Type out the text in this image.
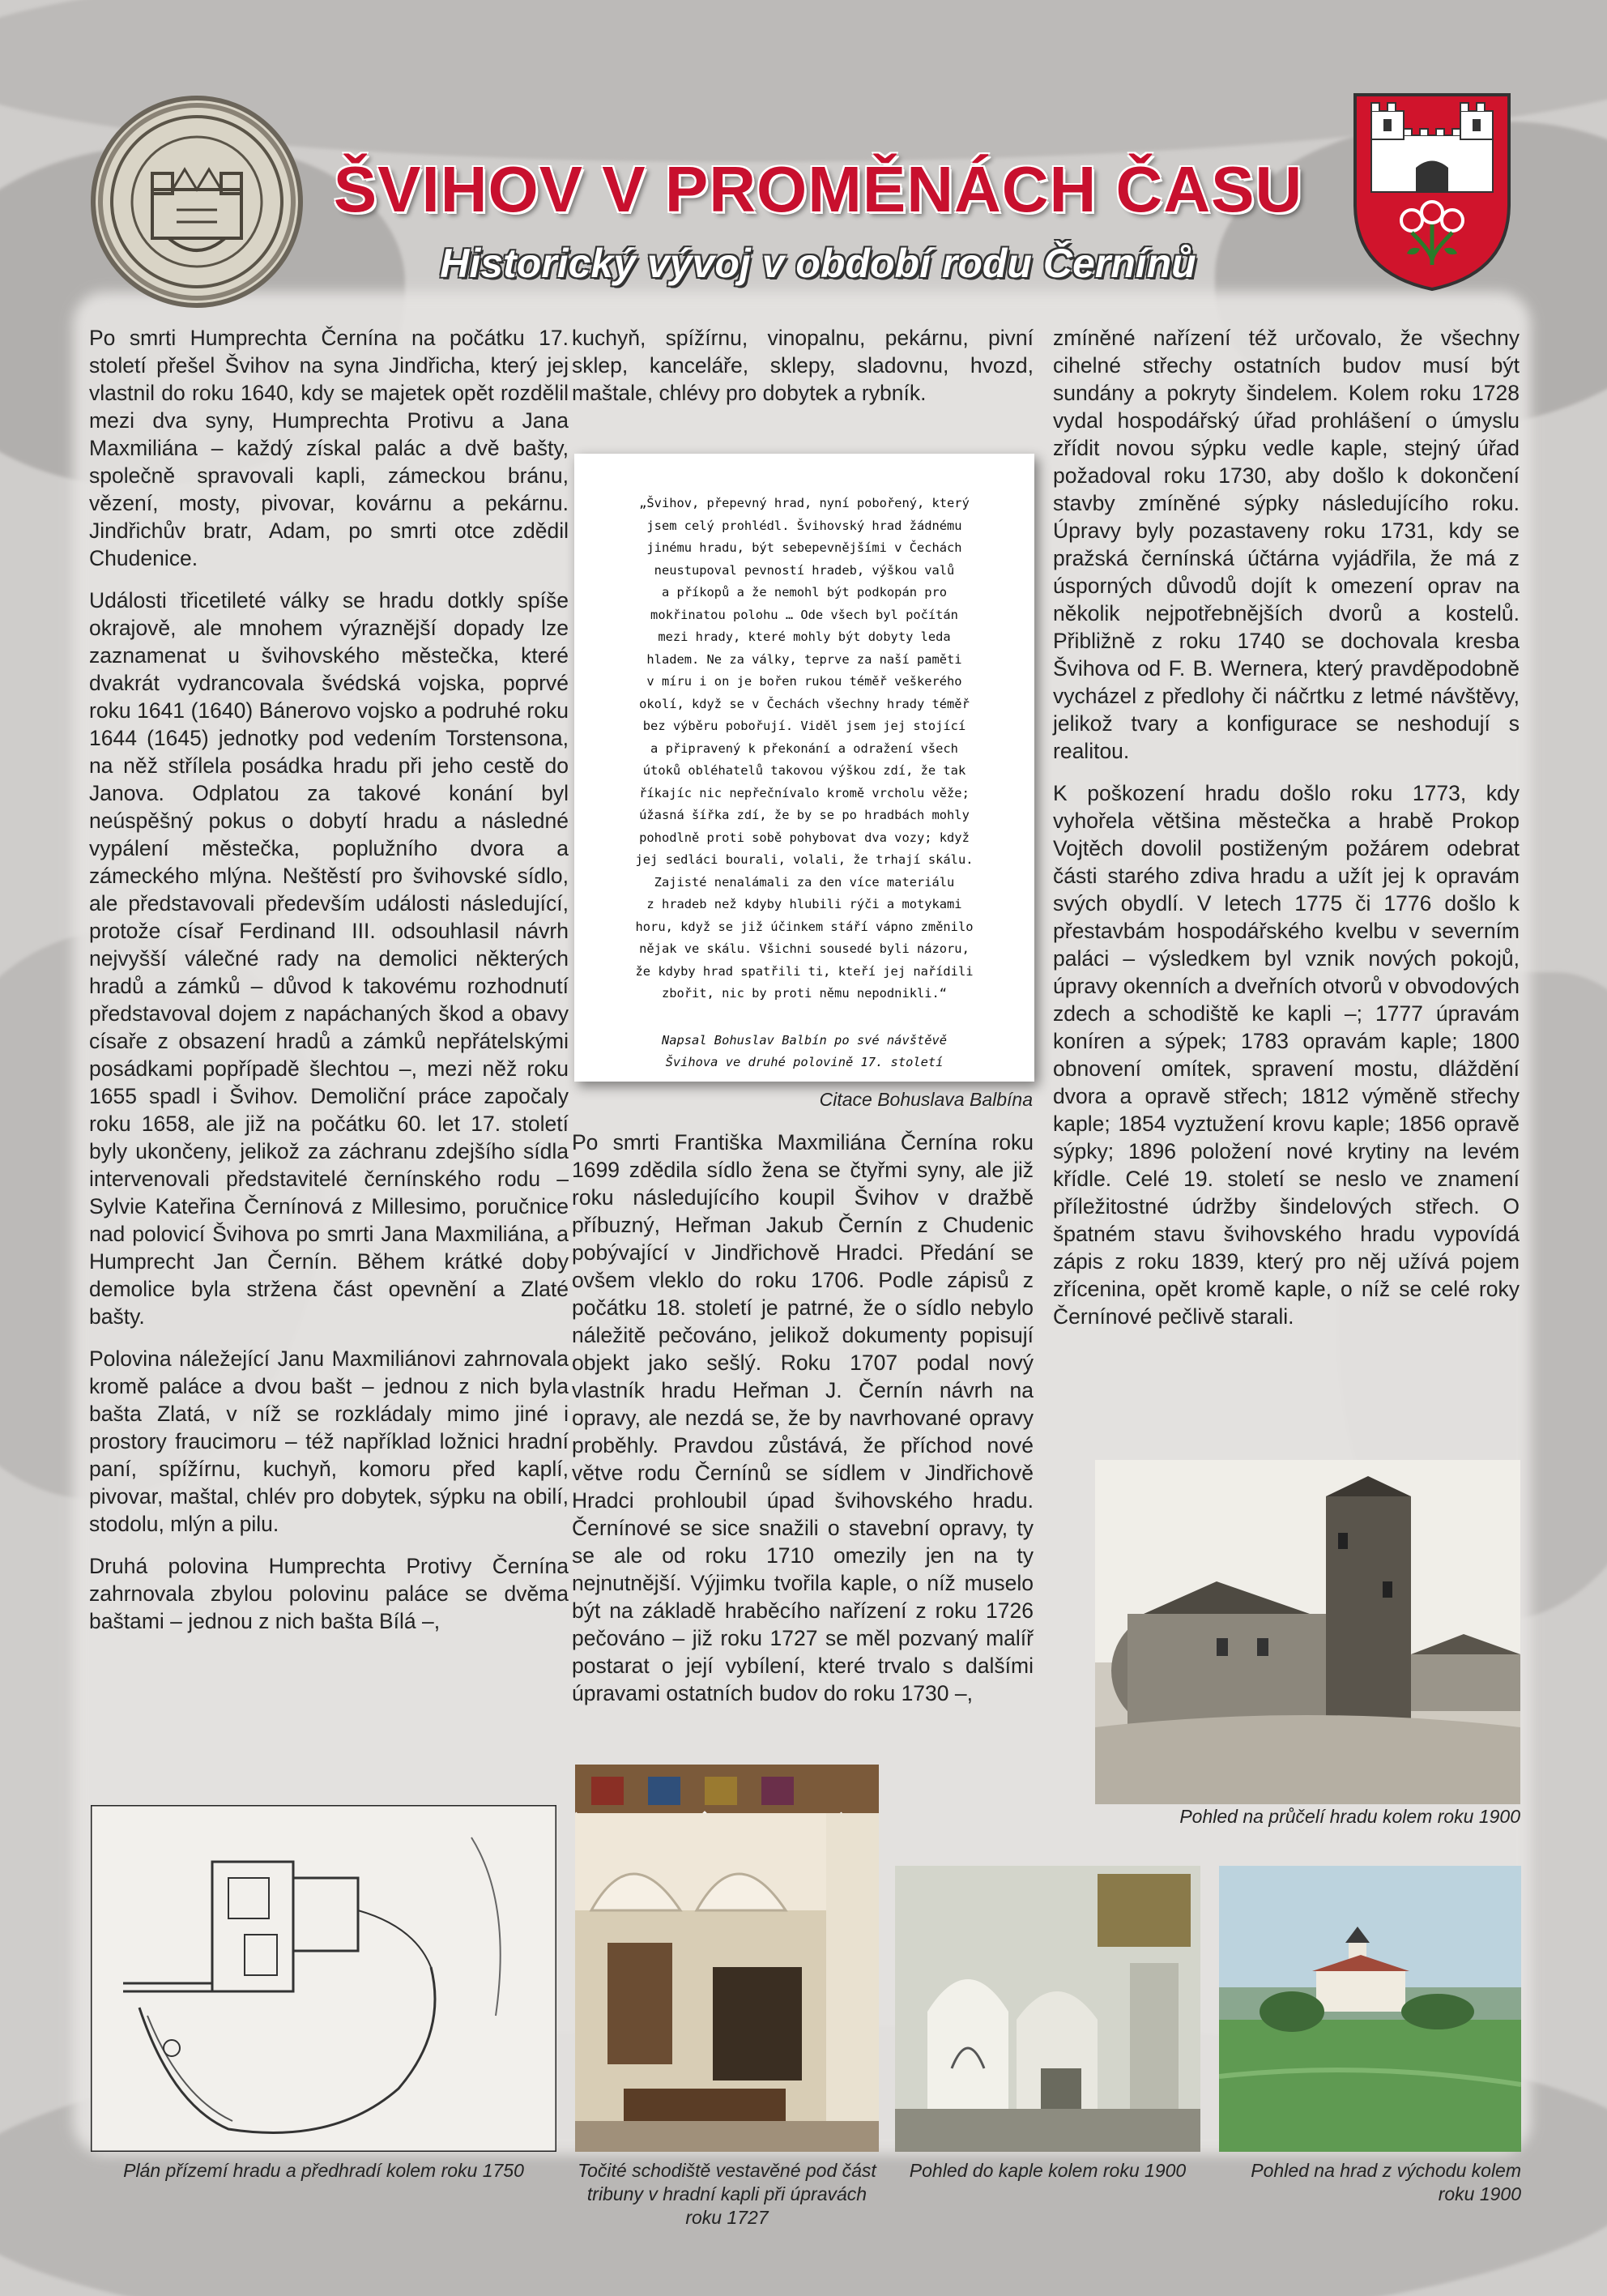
ŠVIHOV V PROMĚNÁCH ČASU
Historický vývoj v období rodu Černínů

Po smrti Humprechta Černína na počátku 17. století přešel Švihov na syna Jindřicha, který jej vlastnil do roku 1640, kdy se majetek opět rozdělil mezi dva syny, Humprechta Protivu a Jana Maxmiliána – každý získal palác a dvě bašty, společně spravovali kapli, zámeckou bránu, vězení, mosty, pivovar, kovárnu a pekárnu. Jindřichův bratr, Adam, po smrti otce zdědil Chudenice.

Události třicetileté války se hradu dotkly spíše okrajově, ale mnohem výraznější dopady lze zaznamenat u švihovského městečka, které dvakrát vydrancovala švédská vojska, poprvé roku 1641 (1640) Bánerovo vojsko a podruhé roku 1644 (1645) jednotky pod vedením Torstensona, na něž střílela posádka hradu při jeho cestě do Janova. Odplatou za takové konání byl neúspěšný pokus o dobytí hradu a následné vypálení městečka, poplužního dvora a zámeckého mlýna. Neštěstí pro švihovské sídlo, ale představovali především události následující, protože císař Ferdinand III. odsouhlasil návrh nejvyšší válečné rady na demolici některých hradů a zámků – důvod k takovému rozhodnutí představoval dojem z napáchaných škod a obavy císaře z obsazení hradů a zámků nepřátelskými posádkami popřípadě šlechtou –, mezi něž roku 1655 spadl i Švihov. Demoliční práce započaly roku 1658, ale již na počátku 60. let 17. století byly ukončeny, jelikož za záchranu zdejšího sídla intervenovali představitelé černínského rodu – Sylvie Kateřina Černínová z Millesimo, poručnice nad polovicí Švihova po smrti Jana Maxmiliána, a Humprecht Jan Černín. Během krátké doby demolice byla stržena část opevnění a Zlaté bašty.

Polovina náležející Janu Maxmiliánovi zahrnovala kromě paláce a dvou bašt – jednou z nich byla bašta Zlatá, v níž se rozkládaly mimo jiné i prostory fraucimoru – též například ložnici hradní paní, spížírnu, kuchyň, komoru před kaplí, pivovar, maštal, chlév pro dobytek, sýpku na obilí, stodolu, mlýn a pilu.

Druhá polovina Humprechta Protivy Černína zahrnovala zbylou polovinu paláce se dvěma baštami – jednou z nich bašta Bílá –,

kuchyň, spížírnu, vinopalnu, pekárnu, pivní sklep, kanceláře, sklepy, sladovnu, hvozd, maštale, chlévy pro dobytek a rybník.

„Švihov, přepevný hrad, nyní pobořený, který
jsem celý prohlédl. Švihovský hrad žádnému
jinému hradu, být sebepevnějšími v Čechách
neustupoval pevností hradeb, výškou valů
a příkopů a že nemohl být podkopán pro
mokřinatou polohu … Ode všech byl počítán
mezi hrady, které mohly být dobyty leda
hladem. Ne za války, teprve za naší paměti
v míru i on je bořen rukou téměř veškerého
okolí, když se v Čechách všechny hrady téměř
bez výběru pobořují. Viděl jsem jej stojící
a připravený k překonání a odražení všech
útoků obléhatelů takovou výškou zdí, že tak
říkajíc nic nepřečnívalo kromě vrcholu věže;
úžasná šířka zdí, že by se po hradbách mohly
pohodlně proti sobě pohybovat dva vozy; když
jej sedláci bourali, volali, že trhají skálu.
Zajisté nenalámali za den více materiálu
z hradeb než kdyby hlubili rýči a motykami
horu, když se již účinkem stáří vápno změnilo
nějak ve skálu. Všichni sousedé byli názoru,
že kdyby hrad spatřili ti, kteří jej nařídili
zbořit, nic by proti němu nepodnikli.“

Napsal Bohuslav Balbín po své návštěvě
Švihova ve druhé polovině 17. století

Citace Bohuslava Balbína

Po smrti Františka Maxmiliána Černína roku 1699 zdědila sídlo žena se čtyřmi syny, ale již roku následujícího koupil Švihov v dražbě příbuzný, Heřman Jakub Černín z Chudenic pobývající v Jindřichově Hradci. Předání se ovšem vleklo do roku 1706. Podle zápisů z počátku 18. století je patrné, že o sídlo nebylo náležitě pečováno, jelikož dokumenty popisují objekt jako sešlý. Roku 1707 podal nový vlastník hradu Heřman J. Černín návrh na opravy, ale nezdá se, že by navrhované opravy proběhly. Pravdou zůstává, že příchod nové větve rodu Černínů se sídlem v Jindřichově Hradci prohloubil úpad švihovského hradu. Černínové se sice snažili o stavební opravy, ty se ale od roku 1710 omezily jen na ty nejnutnější. Výjimku tvořila kaple, o níž muselo být na základě hraběcího nařízení z roku 1726 pečováno – již roku 1727 se měl pozvaný malíř postarat o její vybílení, které trvalo s dalšími úpravami ostatních budov do roku 1730 –,

zmíněné nařízení též určovalo, že všechny cihelné střechy ostatních budov musí být sundány a pokryty šindelem. Kolem roku 1728 vydal hospodářský úřad prohlášení o úmyslu zřídit novou sýpku vedle kaple, stejný úřad požadoval roku 1730, aby došlo k dokončení stavby zmíněné sýpky následujícího roku. Úpravy byly pozastaveny roku 1731, kdy se pražská černínská účtárna vyjádřila, že má z úsporných důvodů dojít k omezení oprav na několik nejpotřebnějších dvorů a kostelů. Přibližně z roku 1740 se dochovala kresba Švihova od F. B. Wernera, který pravděpodobně vycházel z předlohy či náčrtku z letmé návštěvy, jelikož tvary a konfigurace se neshodují s realitou.

K poškození hradu došlo roku 1773, kdy vyhořela většina městečka a hrabě Prokop Vojtěch dovolil postiženým požárem odebrat části starého zdiva hradu a užít jej k opravám svých obydlí. V letech 1775 či 1776 došlo k přestavbám hospodářského kvelbu v severním paláci – výsledkem byl vznik nových pokojů, úpravy okenních a dveřních otvorů v obvodových zdech a schodiště ke kapli –; 1777 úpravám koníren a sýpek; 1783 opravám kaple; 1800 obnovení omítek, spravení mostu, dláždění dvora a opravě střech; 1812 výměně střechy kaple; 1854 vyztužení krovu kaple; 1856 opravě sýpky; 1896 položení nové krytiny na levém křídle. Celé 19. století se neslo ve znamení příležitostné údržby šindelových střech. O špatném stavu švihovského hradu vypovídá zápis z roku 1839, který pro něj užívá pojem zřícenina, opět kromě kaple, o níž se celé roky Černínové pečlivě starali.

Pohled na průčelí hradu kolem roku 1900
Plán přízemí hradu a předhradí kolem roku 1750	Točité schodiště vestavěné pod část tribuny v hradní kapli při úpravách roku 1727
Pohled do kaple kolem roku 1900	Pohled na hrad z východu kolem roku 1900
